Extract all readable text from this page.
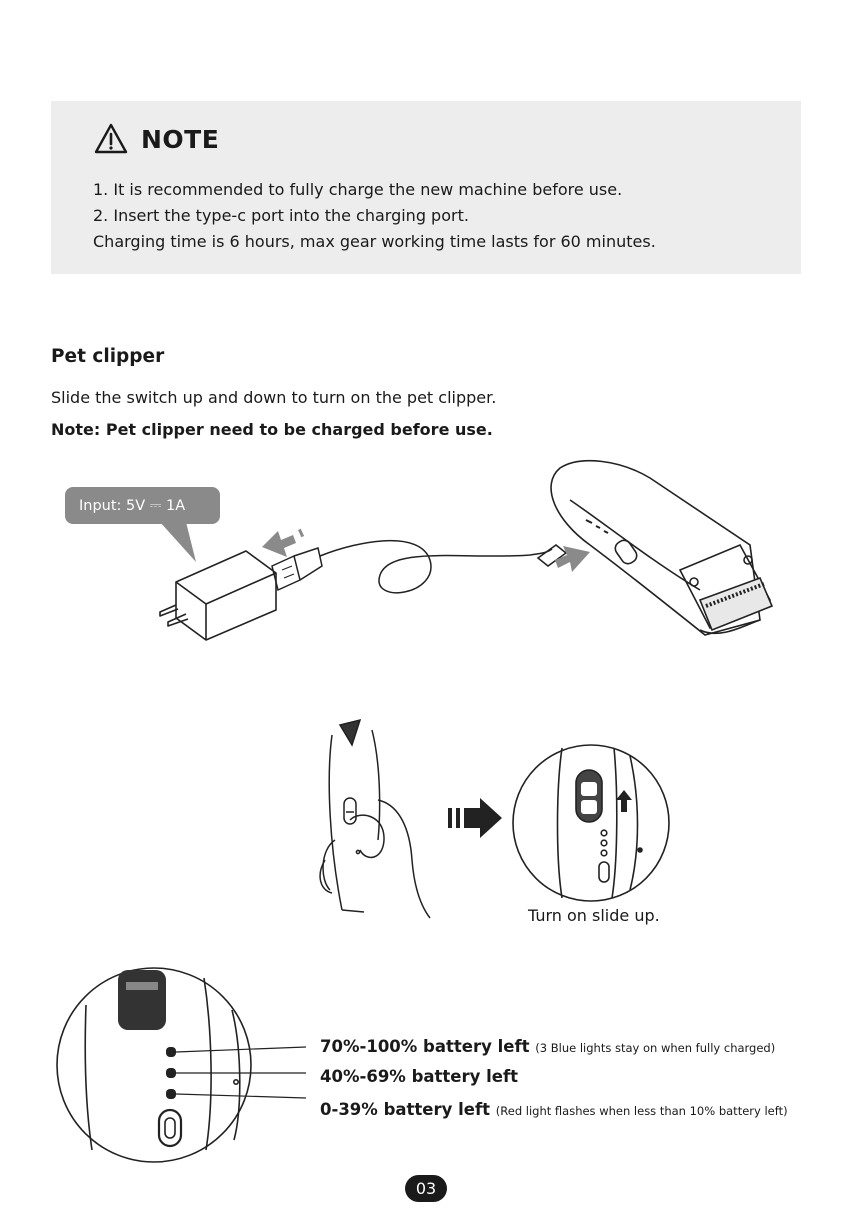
NOTE
1. It is recommended to fully charge the new machine before use.
2. Insert the type-c port into the charging port.
Charging time is 6 hours, max gear working time lasts for 60 minutes.
Pet clipper
Slide the switch up and down to turn on the pet clipper.
Note: Pet clipper need to be charged before use.
Input: 5V ⎓ 1A
Turn on slide up.
70%-100% battery left (3 Blue lights stay on when fully charged)
40%-69% battery left
0-39% battery left (Red light flashes when less than 10% battery left)
03
